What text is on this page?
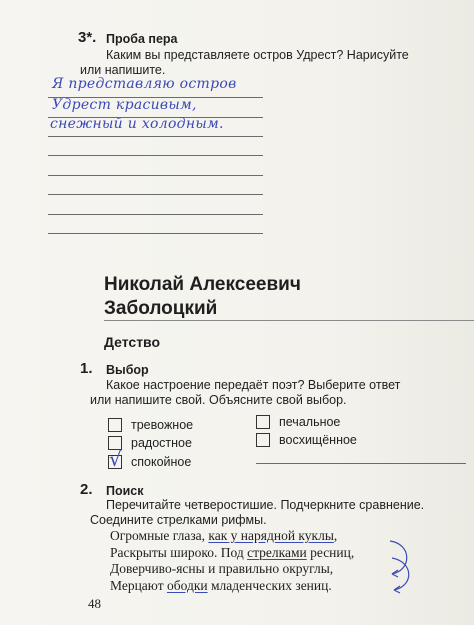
3*. Проба пера
Каким вы представляете остров Удрест? Нарисуйте
или напишите.
Я представляю остров
Удрест красивым,
снежный и холодным.
Николай Алексеевич
Заболоцкий
Детство
1. Выбор
Какое настроение передаёт поэт? Выберите ответ
или напишите свой. Объясните свой выбор.
тревожное
радостное
√ спокойное
печальное
восхищённое
2. Поиск
Перечитайте четверостишие. Подчеркните сравнение.
Соедините стрелками рифмы.
Огромные глаза, как у нарядной куклы,
Раскрыты широко. Под стрелками ресниц,
Доверчиво-ясны и правильно округлы,
Мерцают ободки младенческих зениц.
48
